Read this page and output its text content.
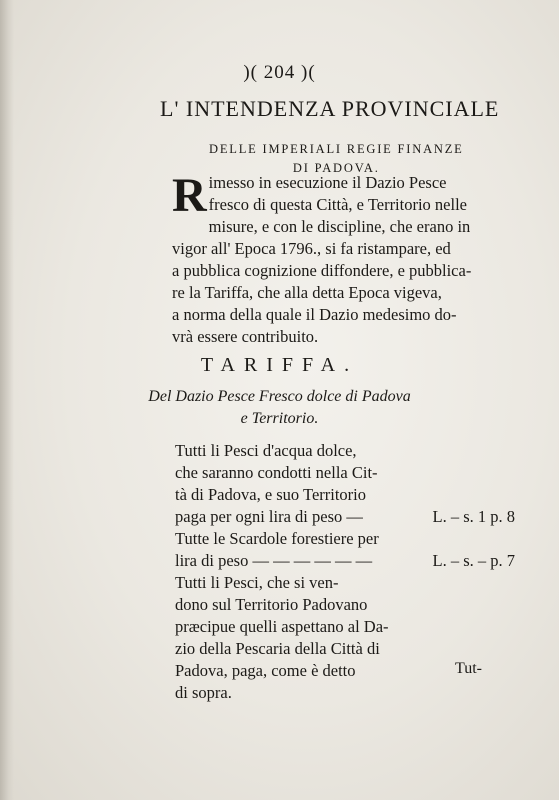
)( 204 )(
L' INTENDENZA PROVINCIALE
DELLE IMPERIALI REGIE FINANZE
DI PADOVA.
R imesso in esecuzione il Dazio Pesce
fresco di questa Città, e Territorio nelle
misure, e con le discipline, che erano in
vigor all' Epoca 1796., si fa ristampare, ed
a pubblica cognizione diffondere, e pubblica-
re la Tariffa, che alla detta Epoca vigeva,
a norma della quale il Dazio medesimo do-
vrà essere contribuito.
TARIFFA.
Del Dazio Pesce Fresco dolce di Padova
e Territorio.
Tutti li Pesci d'acqua dolce,
che saranno condotti nella Cit-
tà di Padova, e suo Territorio
paga per ogni lira di peso —	L. – s. 1 p. 8
Tutte le Scardole forestiere per
lira di peso — — — — — —	L. – s. – p. 7
Tutti li Pesci, che si ven-
dono sul Territorio Padovano
præcipue quelli aspettano al Da-
zio della Pescaria della Città di
Padova, paga, come è detto
di sopra.
Tut-
